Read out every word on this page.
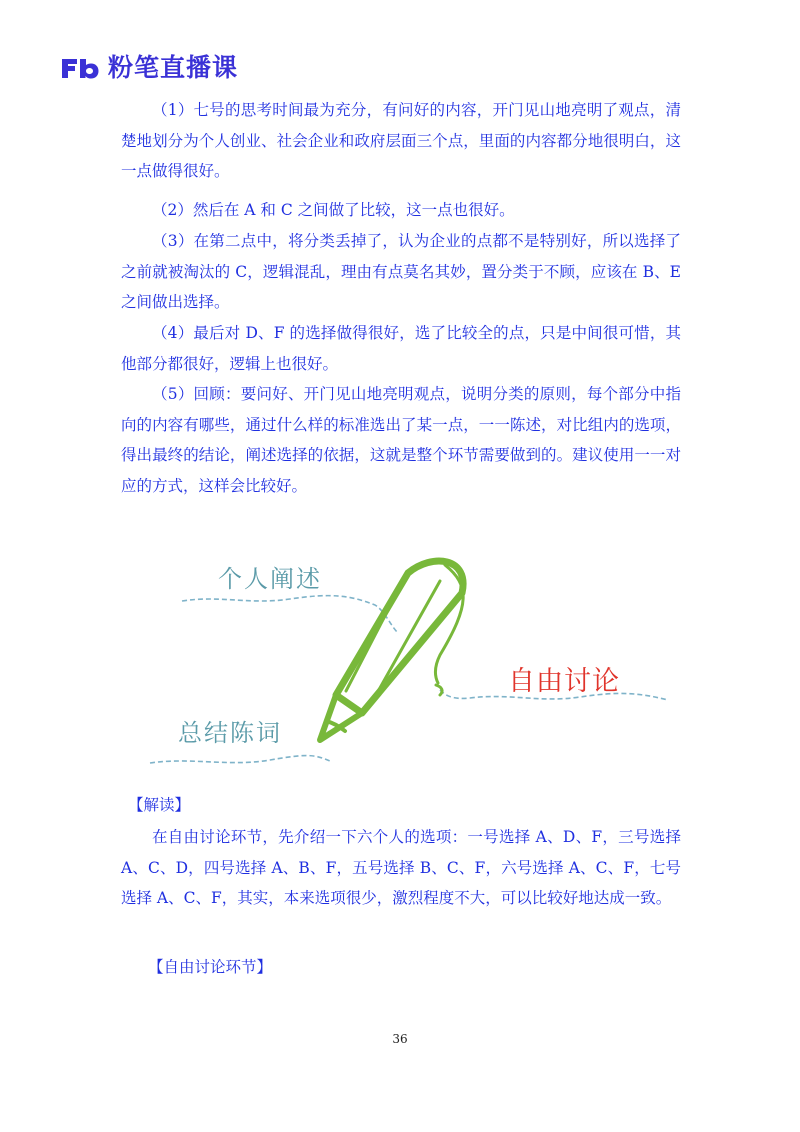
粉笔直播课

（1）七号的思考时间最为充分，有问好的内容，开门见山地亮明了观点，清楚地划分为个人创业、社会企业和政府层面三个点，里面的内容都分地很明白，这一点做得很好。

（2）然后在 A 和 C 之间做了比较，这一点也很好。

（3）在第二点中，将分类丢掉了，认为企业的点都不是特别好，所以选择了之前就被淘汰的 C，逻辑混乱，理由有点莫名其妙，置分类于不顾，应该在 B、E 之间做出选择。

（4）最后对 D、F 的选择做得很好，选了比较全的点，只是中间很可惜，其他部分都很好，逻辑上也很好。

（5）回顾：要问好、开门见山地亮明观点，说明分类的原则，每个部分中指向的内容有哪些，通过什么样的标准选出了某一点，一一陈述，对比组内的选项，得出最终的结论，阐述选择的依据，这就是整个环节需要做到的。建议使用一一对应的方式，这样会比较好。

个人阐述
自由讨论
总结陈词
【解读】

在自由讨论环节，先介绍一下六个人的选项：一号选择 A、D、F，三号选择 A、C、D，四号选择 A、B、F，五号选择 B、C、F，六号选择 A、C、F，七号选择 A、C、F，其实，本来选项很少，激烈程度不大，可以比较好地达成一致。

【自由讨论环节】
36
